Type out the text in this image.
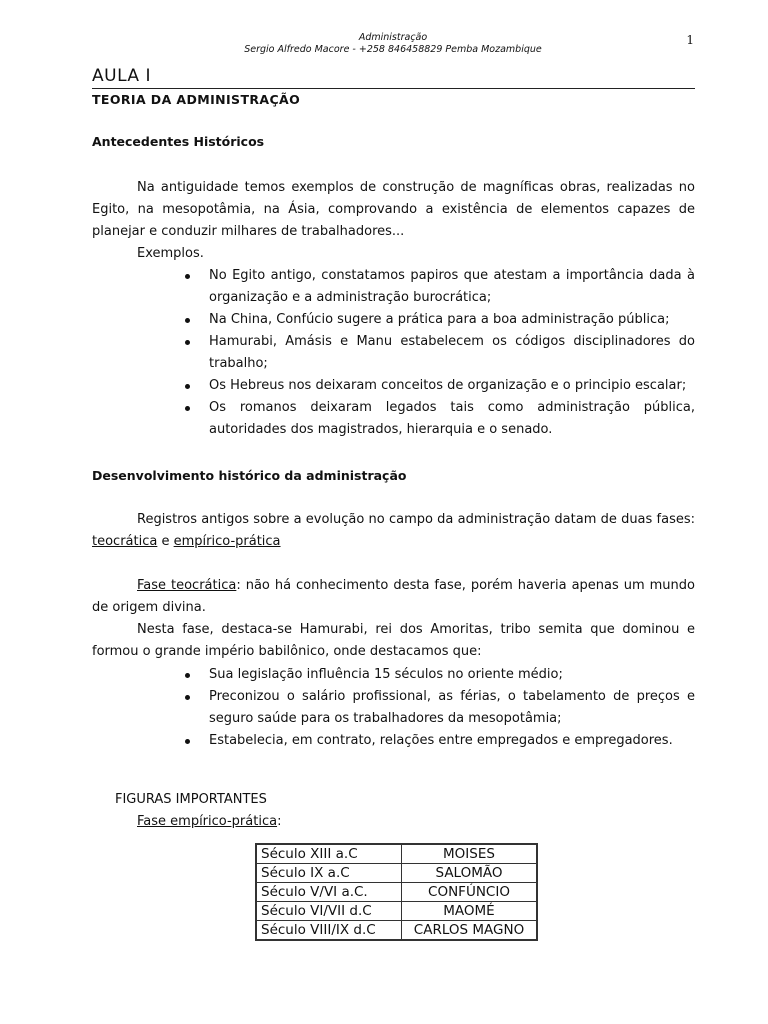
Administração
Sergio Alfredo Macore - +258 846458829 Pemba Mozambique
1
AULA I
TEORIA DA ADMINISTRAÇÃO
Antecedentes Históricos
Na antiguidade temos exemplos de construção de magníficas obras, realizadas no Egito, na mesopotâmia, na Ásia, comprovando a existência de elementos capazes de planejar e conduzir milhares de trabalhadores...
Exemplos.
No Egito antigo, constatamos papiros que atestam a importância dada à organização e a administração burocrática;
Na China, Confúcio sugere a prática para a boa administração pública;
Hamurabi, Amásis e Manu estabelecem os códigos disciplinadores do trabalho;
Os Hebreus nos deixaram conceitos de organização e o principio escalar;
Os romanos deixaram legados tais como administração pública, autoridades dos magistrados, hierarquia e o senado.
Desenvolvimento histórico da administração
Registros antigos sobre a evolução no campo da administração datam de duas fases: teocrática e empírico-prática
Fase teocrática: não há conhecimento desta fase, porém haveria apenas um mundo de origem divina.
Nesta fase, destaca-se Hamurabi, rei dos Amoritas, tribo semita que dominou e formou o grande império babilônico, onde destacamos que:
Sua legislação influência 15 séculos no oriente médio;
Preconizou o salário profissional, as férias, o tabelamento de preços e seguro saúde para os trabalhadores da mesopotâmia;
Estabelecia, em contrato, relações entre empregados e empregadores.
FIGURAS IMPORTANTES
Fase empírico-prática:
Século XIII a.C	MOISES
Século IX a.C	SALOMÃO
Século V/VI a.C.	CONFÚNCIO
Século VI/VII d.C	MAOMÉ
Século VIII/IX d.C	CARLOS MAGNO
